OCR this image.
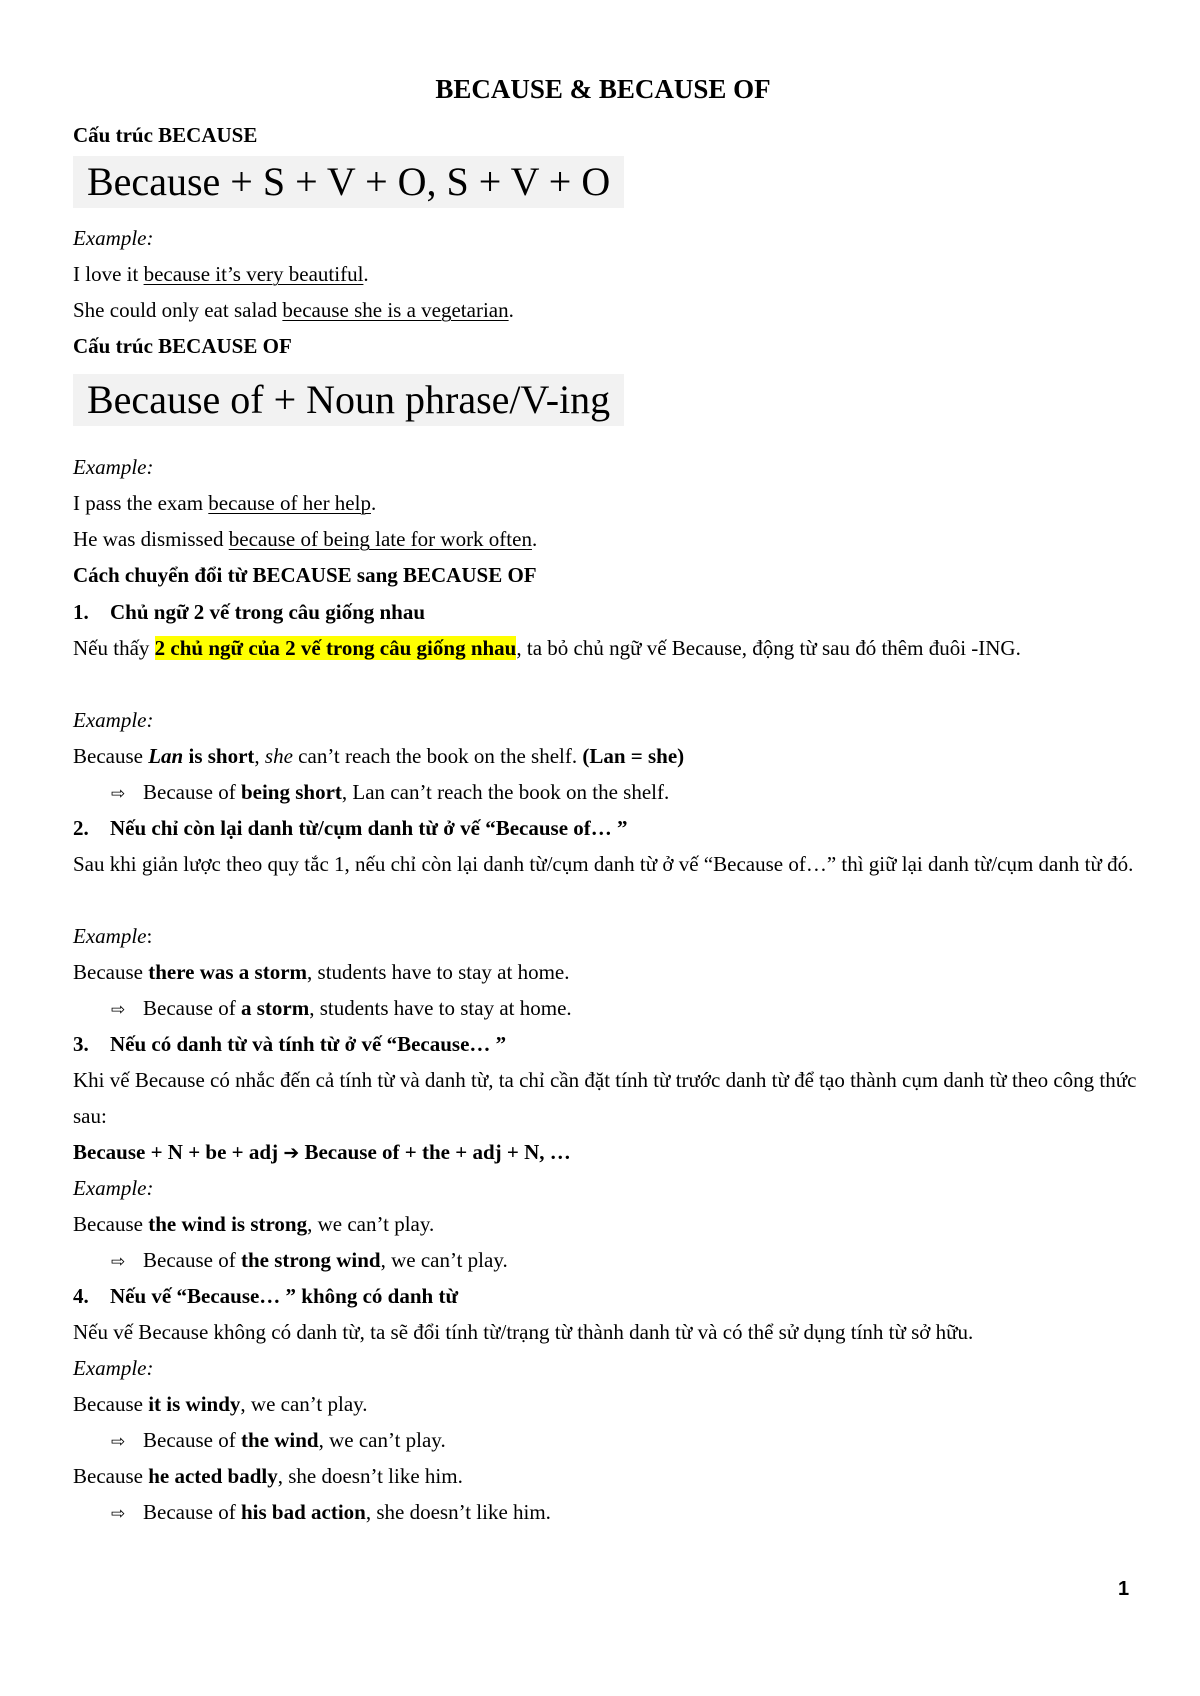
BECAUSE & BECAUSE OF
Cấu trúc BECAUSE
Because + S + V + O, S + V + O
Example:
I love it because it’s very beautiful.
She could only eat salad because she is a vegetarian.
Cấu trúc BECAUSE OF
Because of + Noun phrase/V-ing
Example:
I pass the exam because of her help.
He was dismissed because of being late for work often.
Cách chuyển đổi từ BECAUSE sang BECAUSE OF
1. Chủ ngữ 2 vế trong câu giống nhau
Nếu thấy 2 chủ ngữ của 2 vế trong câu giống nhau, ta bỏ chủ ngữ vế Because, động từ sau đó thêm đuôi -ING.
Example:
Because Lan is short, she can’t reach the book on the shelf. (Lan = she)
⇨ Because of being short, Lan can’t reach the book on the shelf.
2. Nếu chỉ còn lại danh từ/cụm danh từ ở vế “Because of… ”
Sau khi giản lược theo quy tắc 1, nếu chỉ còn lại danh từ/cụm danh từ ở vế “Because of…” thì giữ lại danh từ/cụm danh từ đó.
Example:
Because there was a storm, students have to stay at home.
⇨ Because of a storm, students have to stay at home.
3. Nếu có danh từ và tính từ ở vế “Because… ”
Khi vế Because có nhắc đến cả tính từ và danh từ, ta chỉ cần đặt tính từ trước danh từ để tạo thành cụm danh từ theo công thức sau:
Because + N + be + adj ➔ Because of + the + adj + N, …
Example:
Because the wind is strong, we can’t play.
⇨ Because of the strong wind, we can’t play.
4. Nếu vế “Because… ” không có danh từ
Nếu vế Because không có danh từ, ta sẽ đổi tính từ/trạng từ thành danh từ và có thể sử dụng tính từ sở hữu.
Example:
Because it is windy, we can’t play.
⇨ Because of the wind, we can’t play.
Because he acted badly, she doesn’t like him.
⇨ Because of his bad action, she doesn’t like him.
1
